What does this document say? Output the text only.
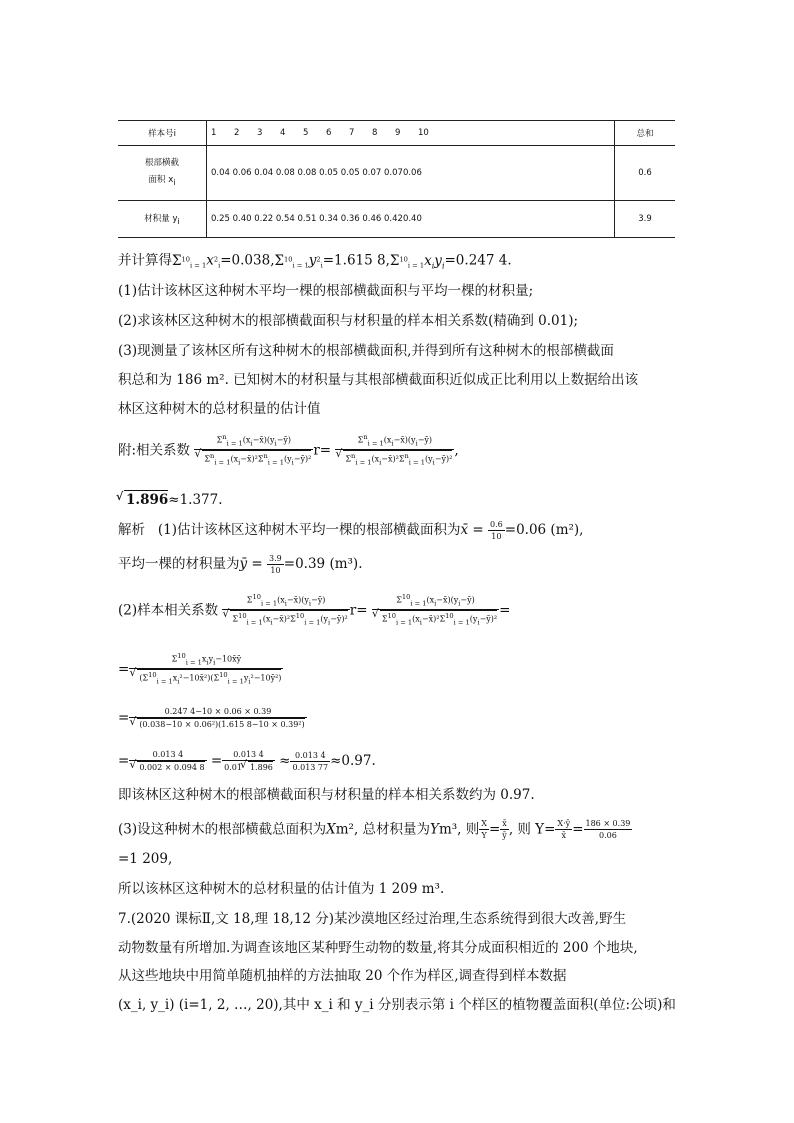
样本号i	1 2 3 4 5 6 7 8 9 10	总和
根部横截
面积 xi	0.04 0.06 0.04 0.08 0.08 0.05 0.05 0.07 0.070.06	0.6
材积量 yi	0.25 0.40 0.22 0.54 0.51 0.34 0.36 0.46 0.420.40	3.9
并计算得$\Sigma^{10}_{i = 1}x^2_i=0.038,\Sigma^{10}_{i = 1}y^2_i=1.615$ $8,\Sigma^{10}_{i = 1}x_iy_i=0.247$ 4.
(1)估计该林区这种树木平均一棵的根部横截面积与平均一棵的材积量;
(2)求该林区这种树木的根部横截面积与材积量的样本相关系数(精确到 0.01);
(3)现测量了该林区所有这种树木的根部横截面积,并得到所有这种树木的根部横截面
积总和为 186 m². 已知树木的材积量与其根部横截面积近似成正比利用以上数据给出该
林区这种树木的总材积量的估计值
附:相关系数 $\Sigma^n_{i = 1}(x_i-x̄)(y_i-ȳ)$
√ $\Sigma^n_{i = 1}(x_i-x̄)^2\Sigma^n_{i = 1}(y_i-ȳ)^2$ $r= \Sigma^n_{i = 1}(x_i-x̄)(y_i-ȳ)$
√ $\Sigma^n_{i = 1}(x_i-x̄)^2\Sigma^n_{i = 1}(y_i-ȳ)^2$ ,
√ 1.896≈1.377.
解析 (1)估计该林区这种树木平均一棵的根部横截面积为x̄ = $\frac{0.6}{10} =0.06$ (m²),
平均一棵的材积量为ȳ = $\frac{3.9}{10} =0.39$ (m³).
(2)样本相关系数 $\Sigma^{10}_{i = 1}(x_i-x̄)(y_i-ȳ)$
√ $\Sigma^{10}_{i = 1}(x_i-x̄)^2\Sigma^{10}_{i = 1}(y_i-ȳ)^2$ $r= \Sigma^{10}_{i = 1}(x_i-x̄)(y_i-ȳ)$
√ $\Sigma^{10}_{i = 1}(x_i-x̄)^2\Sigma^{10}_{i = 1}(y_i-ȳ)^2$ =
= $\Sigma^{10}_{i = 1}x_iy_i-10x̄ȳ$
√ $(\Sigma^{10}_{i = 1}x_i^2-10x̄^2)(\Sigma^{10}_{i = 1}y_i^2-10ȳ^2)$
= 0.247 4−10 × 0.06 × 0.39
√ (0.038−10 × 0.06²)(1.615 8−10 × 0.39²)
= 0.013 4
√ 0.002 × 0.094 $8 = \frac{0.013 4}{0.01 √ 1.896} \approx \frac{0.013 4}{0.013 77} \approx 0.97$.
即该林区这种树木的根部横截面积与材积量的样本相关系数约为 0.97.
(3)设这种树木的根部横截总面积为Xm², 总材积量为Ym³, 则 $\frac{X}{Y} = \frac{x̄}{ȳ}$ , 则 $Y= \frac{X\cdot ȳ}{x̄} = \frac{186 \times 0.39}{0.06}$
=1 209,
所以该林区这种树木的总材积量的估计值为 1 209 m³.
7.(2020 课标Ⅱ,文 18,理 18,12 分)某沙漠地区经过治理,生态系统得到很大改善,野生
动物数量有所增加.为调查该地区某种野生动物的数量,将其分成面积相近的 200 个地块,
从这些地块中用简单随机抽样的方法抽取 20 个作为样区,调查得到样本数据
(x_i, y_i) (i=1, 2, …, 20),其中 x_i 和 y_i 分别表示第 i 个样区的植物覆盖面积(单位:公顷)和
